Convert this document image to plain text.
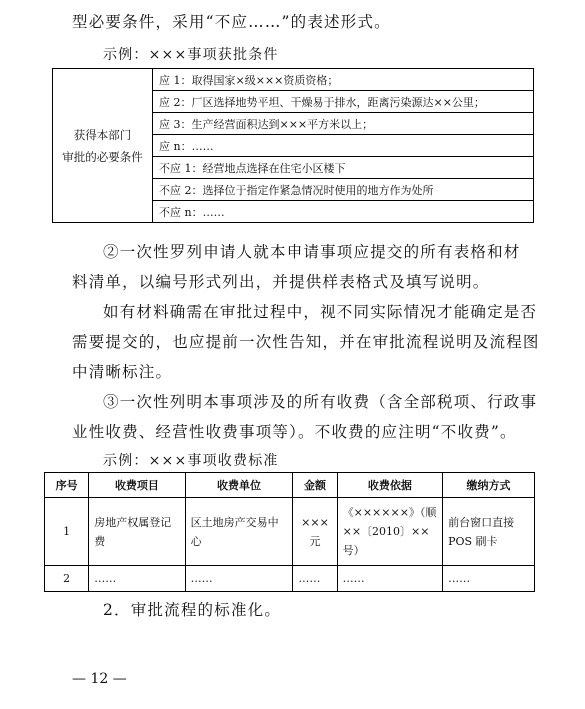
型必要条件，采用“不应……”的表述形式。
示例：×××事项获批条件
获得本部门
审批的必要条件	应 1：取得国家×级×××资质资格；
应 2：厂区选择地势平坦、干燥易于排水，距离污染源达××公里；
应 3：生产经营面积达到×××平方米以上；
应 n：……
不应 1：经营地点选择在住宅小区楼下
不应 2：选择位于指定作紧急情况时使用的地方作为处所
不应 n：……
②一次性罗列申请人就本申请事项应提交的所有表格和材
料清单，以编号形式列出，并提供样表格式及填写说明。
如有材料确需在审批过程中，视不同实际情况才能确定是否
需要提交的，也应提前一次性告知，并在审批流程说明及流程图
中清晰标注。
③一次性列明本事项涉及的所有收费（含全部税项、行政事
业性收费、经营性收费事项等）。不收费的应注明“不收费”。
示例：×××事项收费标准
序号	收费项目	收费单位	金额	收费依据	缴纳方式
1	房地产权属登记费	区土地房产交易中心	×××元	《××××××》（顺××〔2010〕××号）	前台窗口直接 POS 刷卡
2	……	……	……	……	……
2．审批流程的标准化。
— 12 —
